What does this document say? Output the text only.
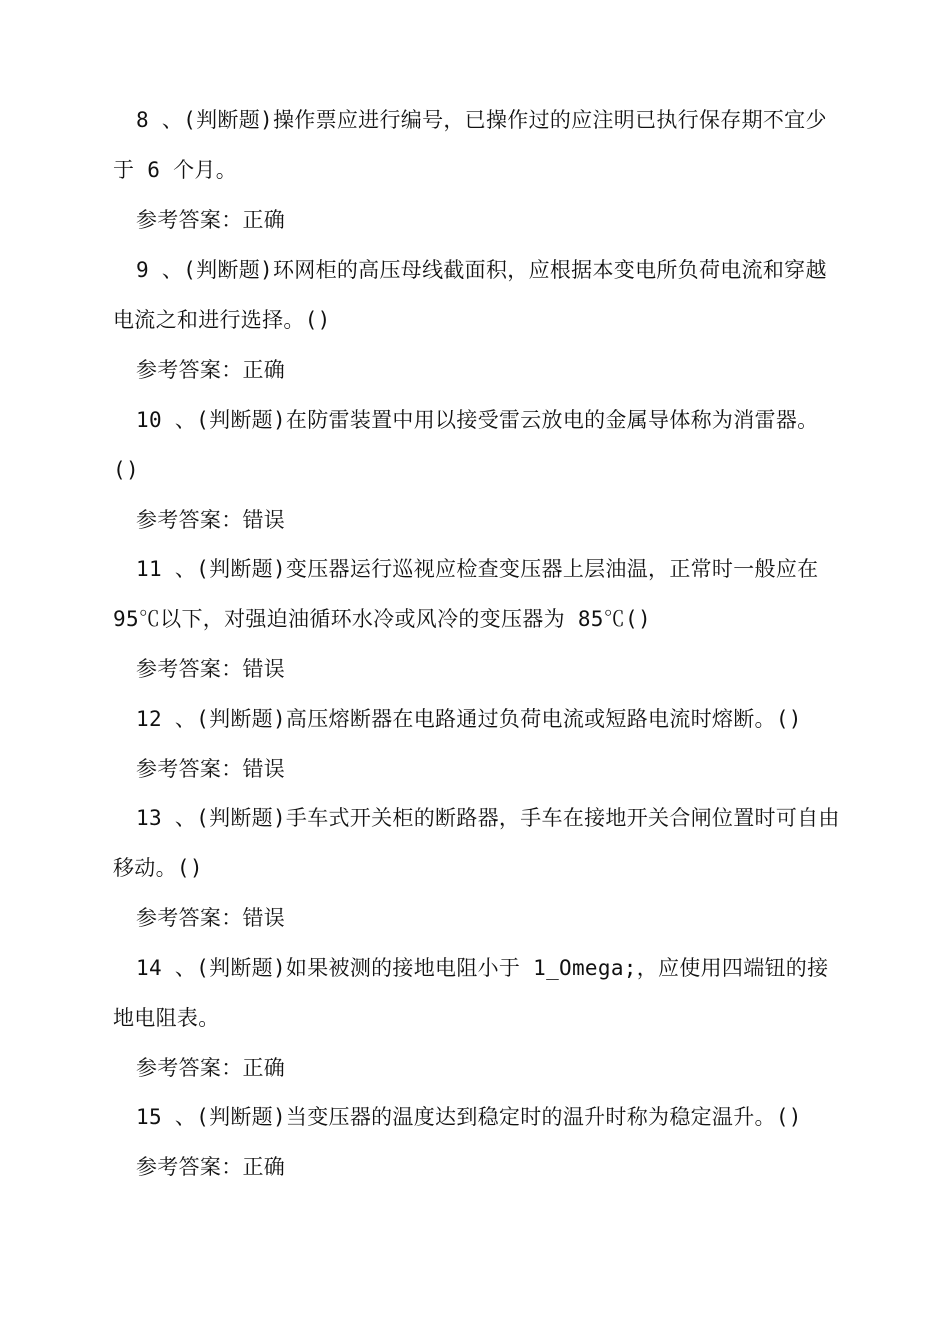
8 、(判断题)操作票应进行编号，已操作过的应注明已执行保存期不宜少于 6 个月。

参考答案：正确

9 、(判断题)环网柜的高压母线截面积，应根据本变电所负荷电流和穿越电流之和进行选择。()

参考答案：正确

10 、(判断题)在防雷装置中用以接受雷云放电的金属导体称为消雷器。()

参考答案：错误

11 、(判断题)变压器运行巡视应检查变压器上层油温，正常时一般应在 95℃以下，对强迫油循环水冷或风冷的变压器为 85℃()

参考答案：错误

12 、(判断题)高压熔断器在电路通过负荷电流或短路电流时熔断。()

参考答案：错误

13 、(判断题)手车式开关柜的断路器，手车在接地开关合闸位置时可自由移动。()

参考答案：错误

14 、(判断题)如果被测的接地电阻小于 1_Omega;，应使用四端钮的接地电阻表。

参考答案：正确

15 、(判断题)当变压器的温度达到稳定时的温升时称为稳定温升。()

参考答案：正确
